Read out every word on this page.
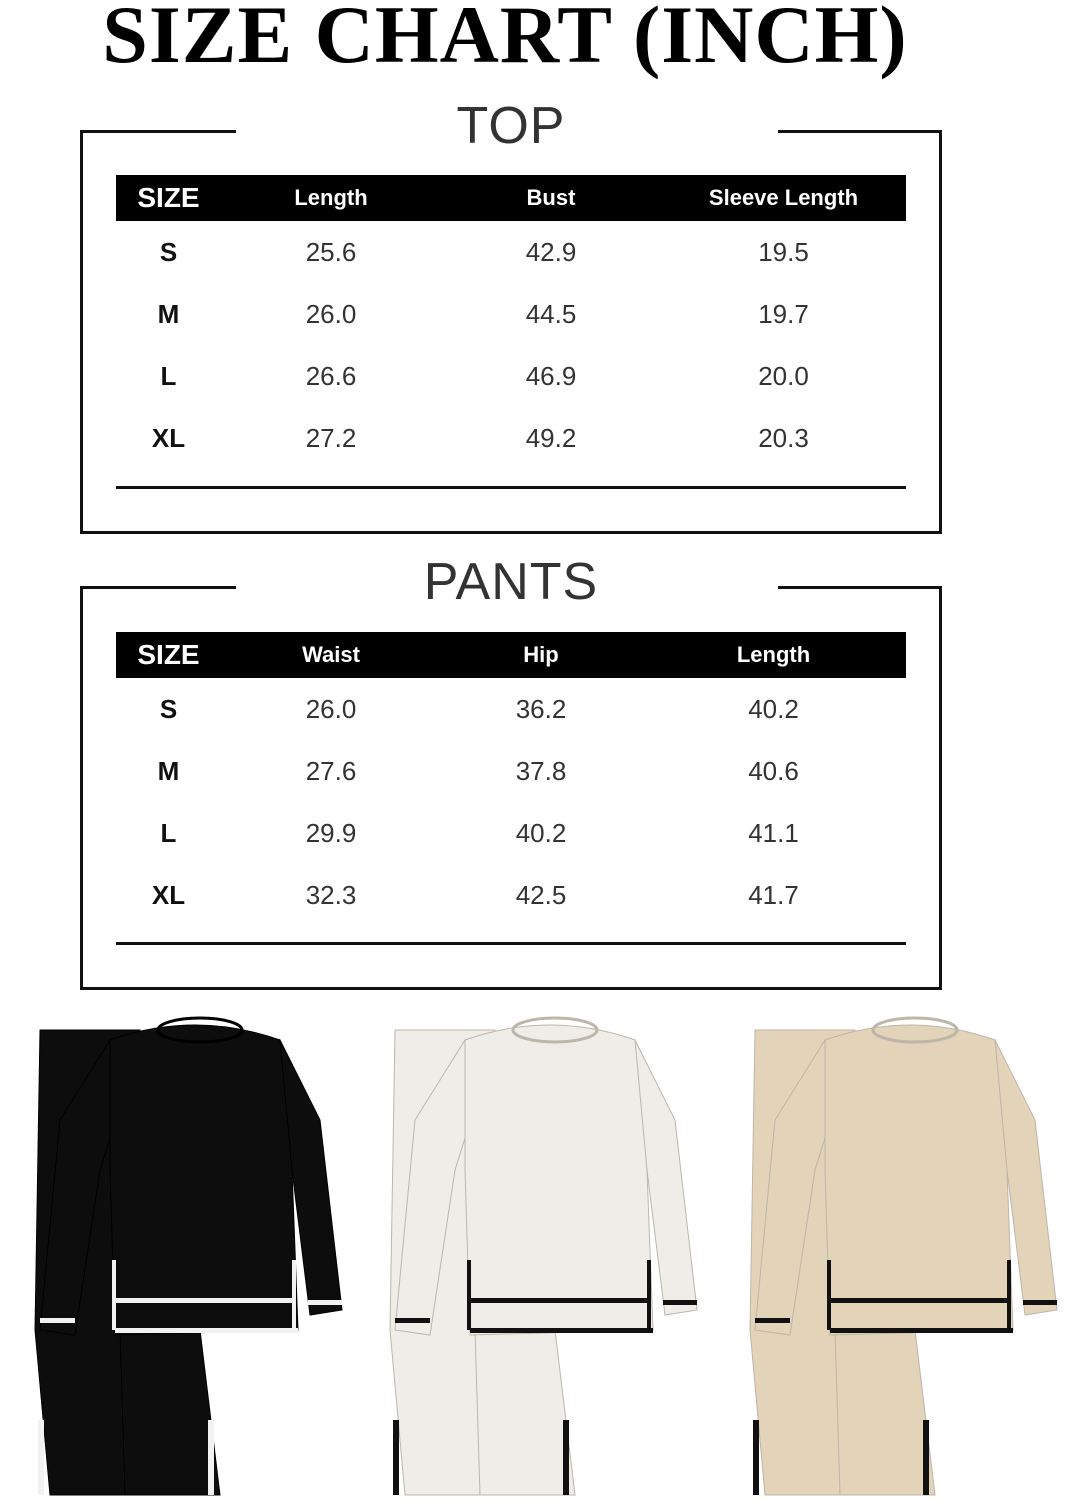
SIZE CHART (INCH)
TOP
SIZE	Length	Bust	Sleeve Length
S	25.6	42.9	19.5
M	26.0	44.5	19.7
L	26.6	46.9	20.0
XL	27.2	49.2	20.3
PANTS
SIZE	Waist	Hip	Length
S	26.0	36.2	40.2
M	27.6	37.8	40.6
L	29.9	40.2	41.1
XL	32.3	42.5	41.7
